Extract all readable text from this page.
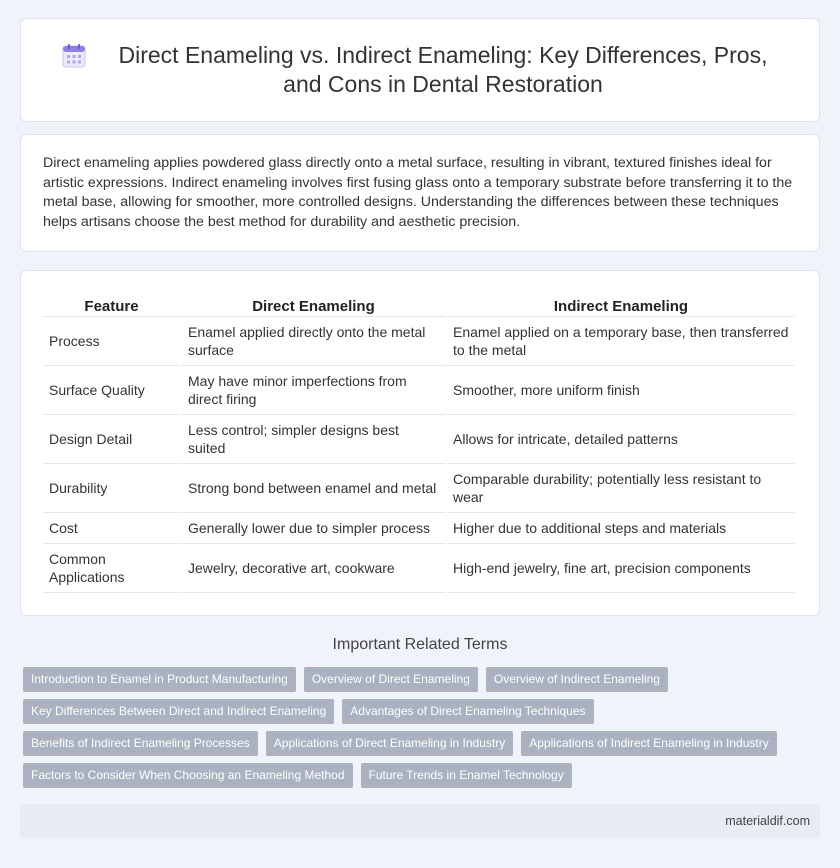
Direct Enameling vs. Indirect Enameling: Key Differences, Pros, and Cons in Dental Restoration

Direct enameling applies powdered glass directly onto a metal surface, resulting in vibrant, textured finishes ideal for artistic expressions. Indirect enameling involves first fusing glass onto a temporary substrate before transferring it to the metal base, allowing for smoother, more controlled designs. Understanding the differences between these techniques helps artisans choose the best method for durability and aesthetic precision.

Feature	Direct Enameling	Indirect Enameling
Process	Enamel applied directly onto the metal surface	Enamel applied on a temporary base, then transferred to the metal
Surface Quality	May have minor imperfections from direct firing	Smoother, more uniform finish
Design Detail	Less control; simpler designs best suited	Allows for intricate, detailed patterns
Durability	Strong bond between enamel and metal	Comparable durability; potentially less resistant to wear
Cost	Generally lower due to simpler process	Higher due to additional steps and materials
Common Applications	Jewelry, decorative art, cookware	High-end jewelry, fine art, precision components
Important Related Terms
Introduction to Enamel in Product Manufacturing	Overview of Direct Enameling	Overview of Indirect Enameling
Key Differences Between Direct and Indirect Enameling	Advantages of Direct Enameling Techniques
Benefits of Indirect Enameling Processes	Applications of Direct Enameling in Industry	Applications of Indirect Enameling in Industry
Factors to Consider When Choosing an Enameling Method	Future Trends in Enamel Technology
materialdif.com
